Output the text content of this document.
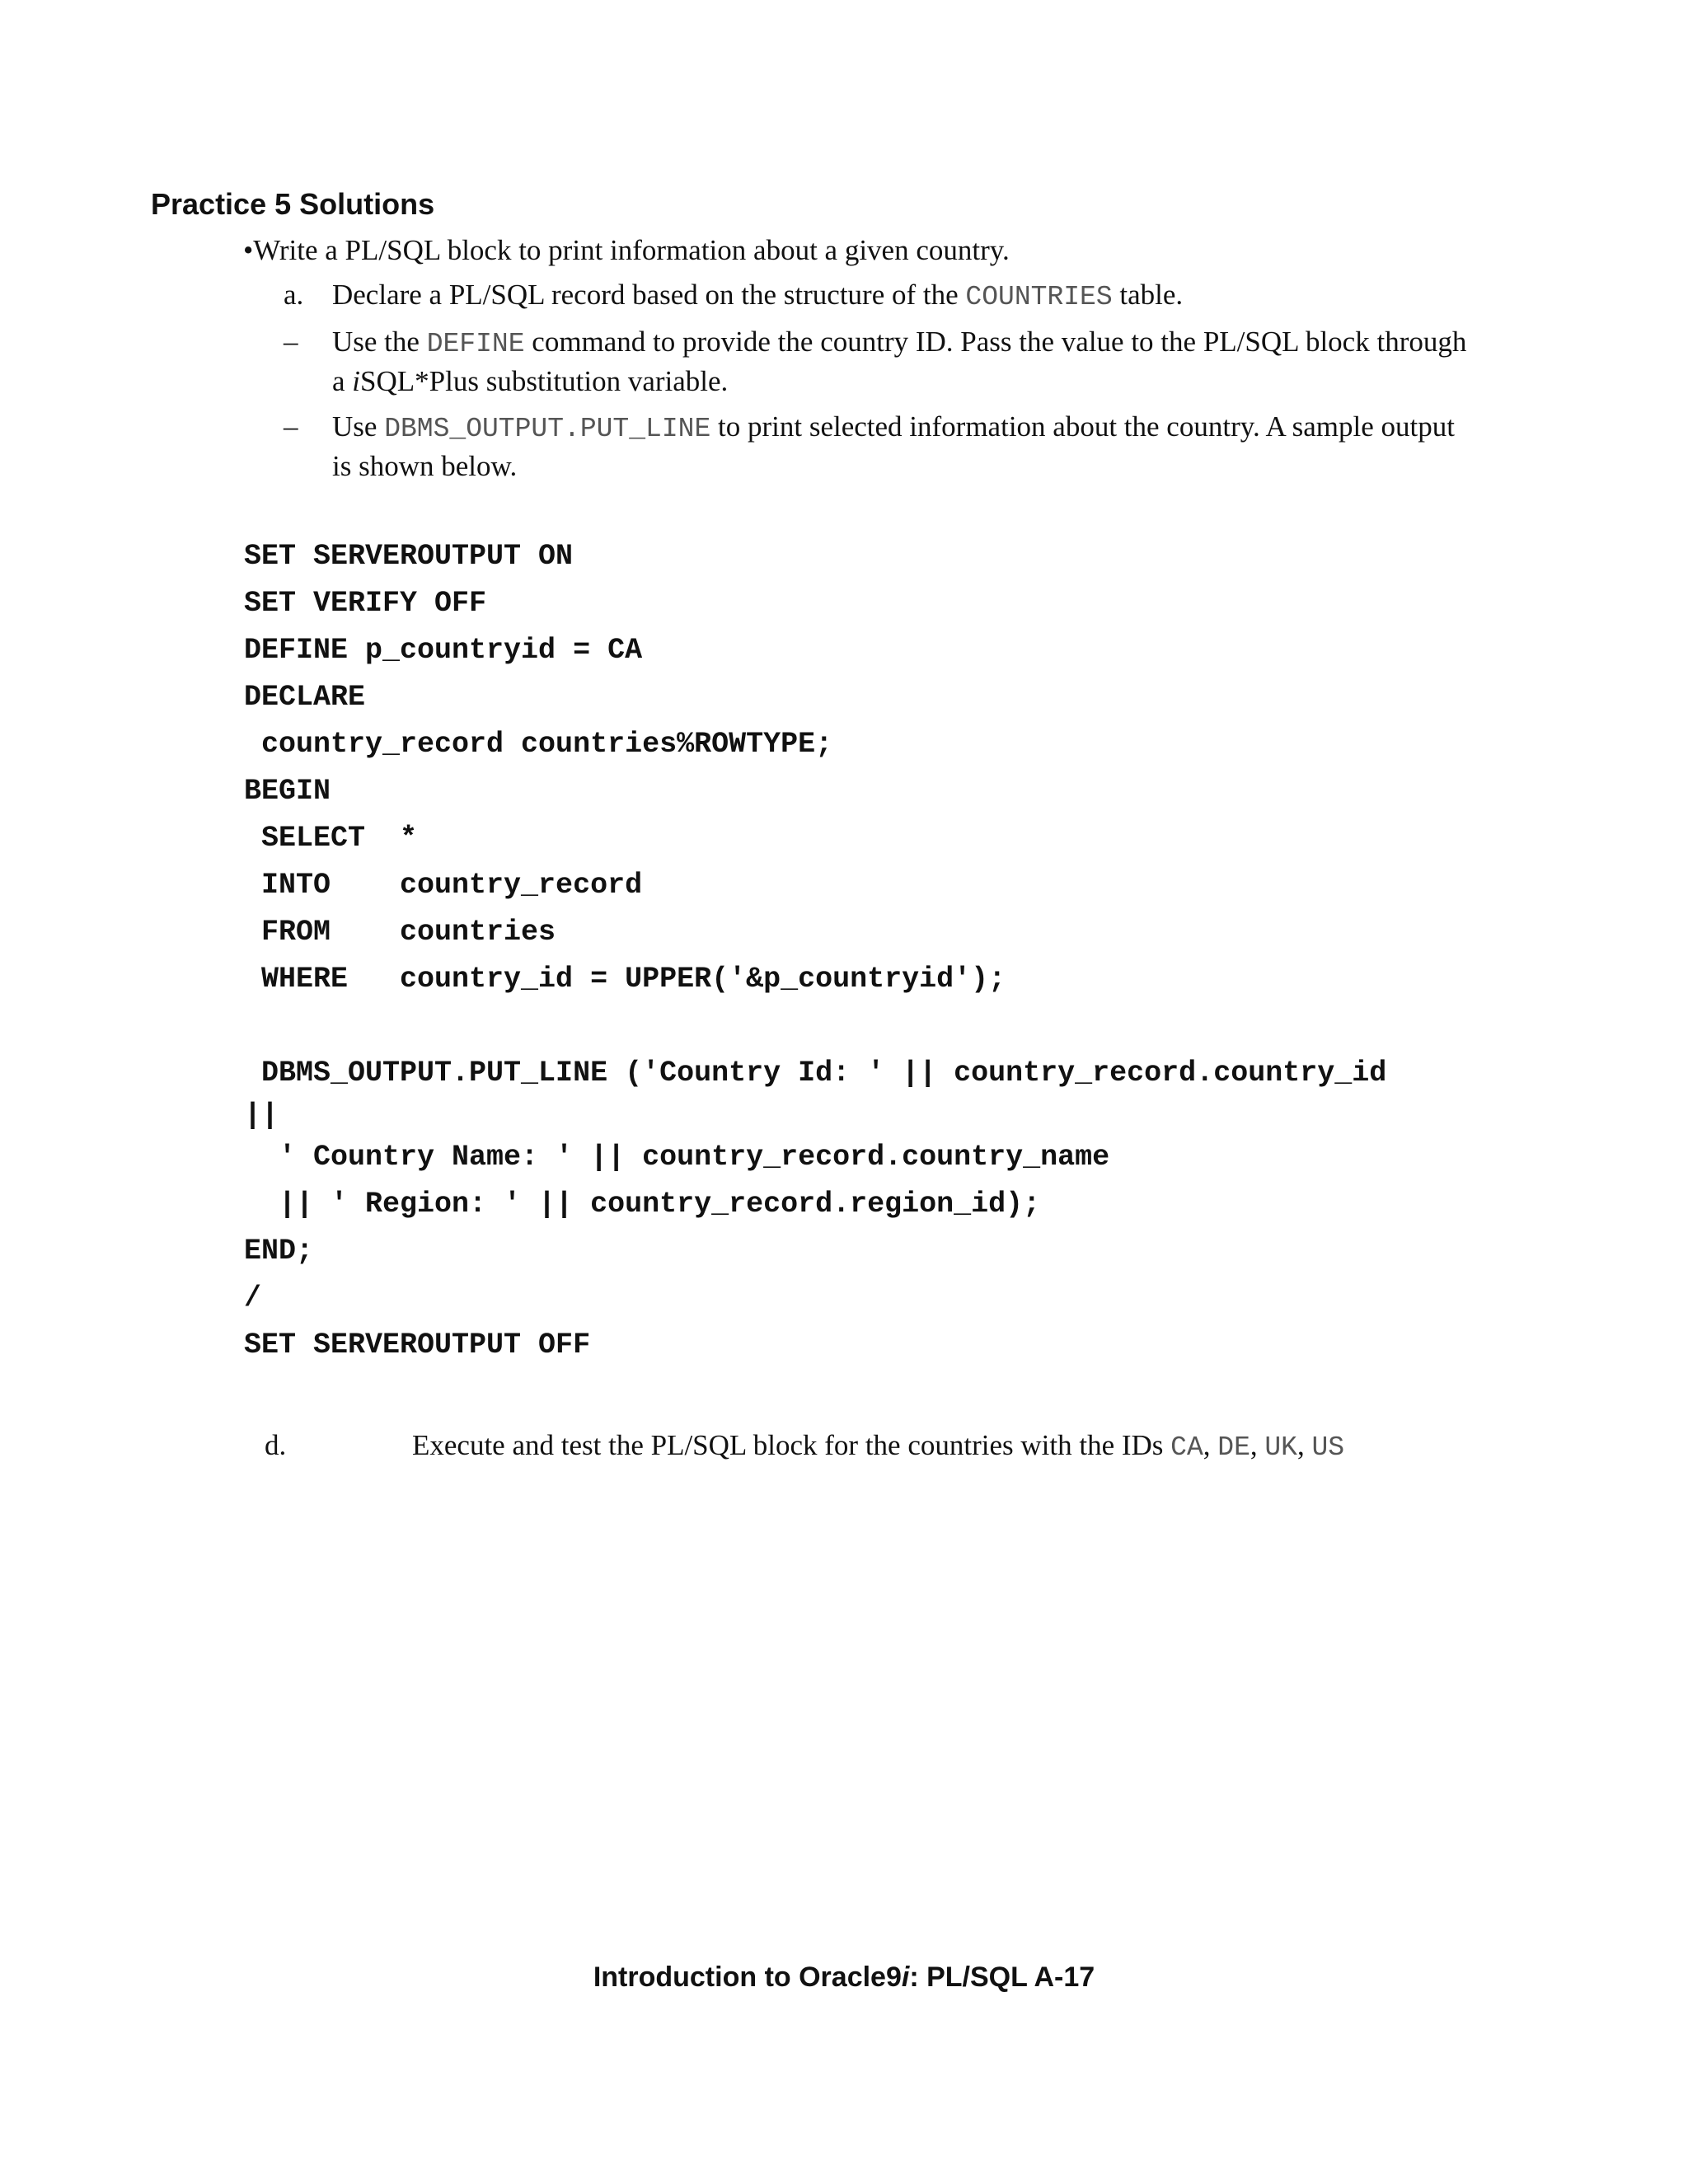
Practice 5 Solutions
•Write a PL/SQL block to print information about a given country.
a. Declare a PL/SQL record based on the structure of the COUNTRIES table.
– Use the DEFINE command to provide the country ID. Pass the value to the PL/SQL block through a iSQL*Plus substitution variable.
– Use DBMS_OUTPUT.PUT_LINE to print selected information about the country. A sample output is shown below.
SET SERVEROUTPUT ON
SET VERIFY OFF
DEFINE p_countryid = CA
DECLARE
country_record countries%ROWTYPE;
BEGIN
SELECT  *
INTO    country_record
FROM    countries
WHERE   country_id = UPPER('&p_countryid');
DBMS_OUTPUT.PUT_LINE ('Country Id: ' || country_record.country_id
||
' Country Name: ' || country_record.country_name
|| ' Region: ' || country_record.region_id);
END;
/
SET SERVEROUTPUT OFF
d.	Execute and test the PL/SQL block for the countries with the IDs CA, DE, UK, US
Introduction to Oracle9i: PL/SQL A-17
